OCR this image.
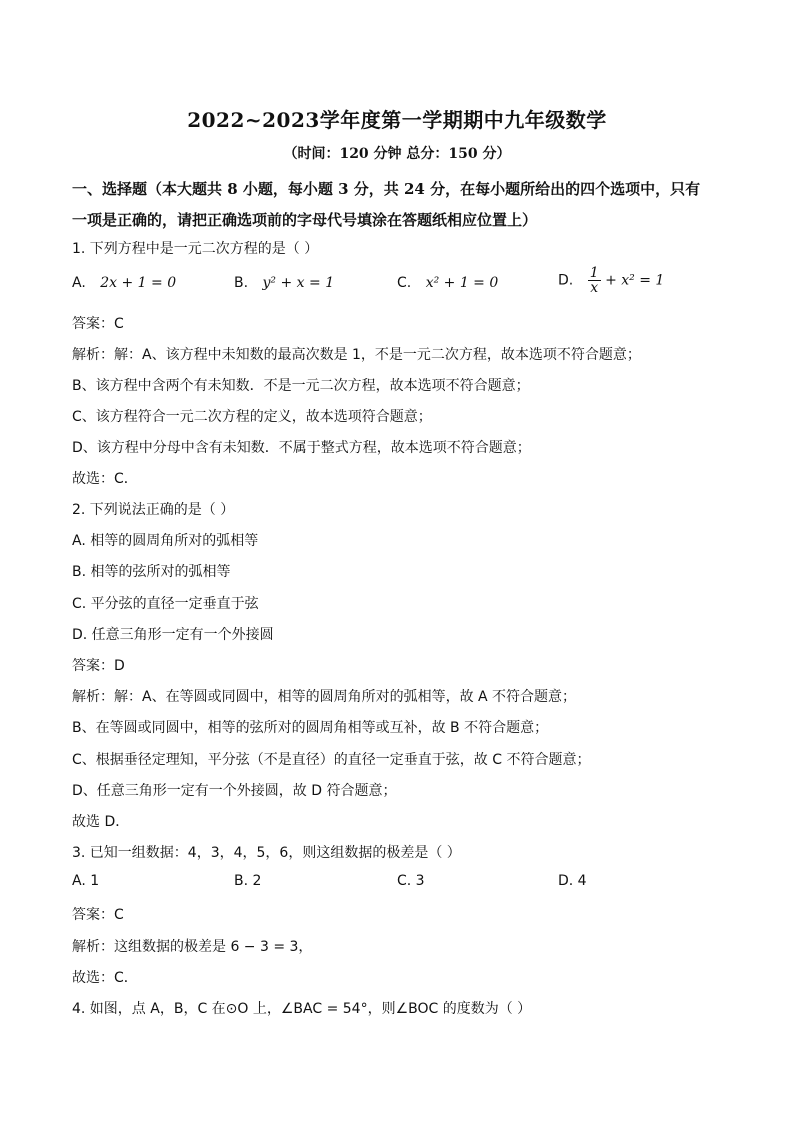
2022~2023学年度第一学期期中九年级数学
（时间：120 分钟 总分：150 分）
一、选择题（本大题共 8 小题，每小题 3 分，共 24 分，在每小题所给出的四个选项中，只有
一项是正确的，请把正确选项前的字母代号填涂在答题纸相应位置上）
1. 下列方程中是一元二次方程的是（ ）
A. 2x + 1 = 0	B. y² + x = 1	C. x² + 1 = 0	D. $\frac{1}{x} + x^2 = 1$
答案：C
解析：解：A、该方程中未知数的最高次数是 1，不是一元二次方程，故本选项不符合题意；
B、该方程中含两个有未知数．不是一元二次方程，故本选项不符合题意；
C、该方程符合一元二次方程的定义，故本选项符合题意；
D、该方程中分母中含有未知数．不属于整式方程，故本选项不符合题意；
故选：C．
2. 下列说法正确的是（ ）
A. 相等的圆周角所对的弧相等
B. 相等的弦所对的弧相等
C. 平分弦的直径一定垂直于弦
D. 任意三角形一定有一个外接圆
答案：D
解析：解：A、在等圆或同圆中，相等的圆周角所对的弧相等，故 A 不符合题意；
B、在等圆或同圆中，相等的弦所对的圆周角相等或互补，故 B 不符合题意；
C、根据垂径定理知，平分弦（不是直径）的直径一定垂直于弦，故 C 不符合题意；
D、任意三角形一定有一个外接圆，故 D 符合题意；
故选 D．
3. 已知一组数据：4，3，4，5，6，则这组数据的极差是（ ）
A. 1	B. 2	C. 3	D. 4
答案：C
解析：这组数据的极差是 6 − 3 = 3，
故选：C．
4. 如图，点 A，B，C 在⊙O 上，∠BAC = 54°，则∠BOC 的度数为（ ）
